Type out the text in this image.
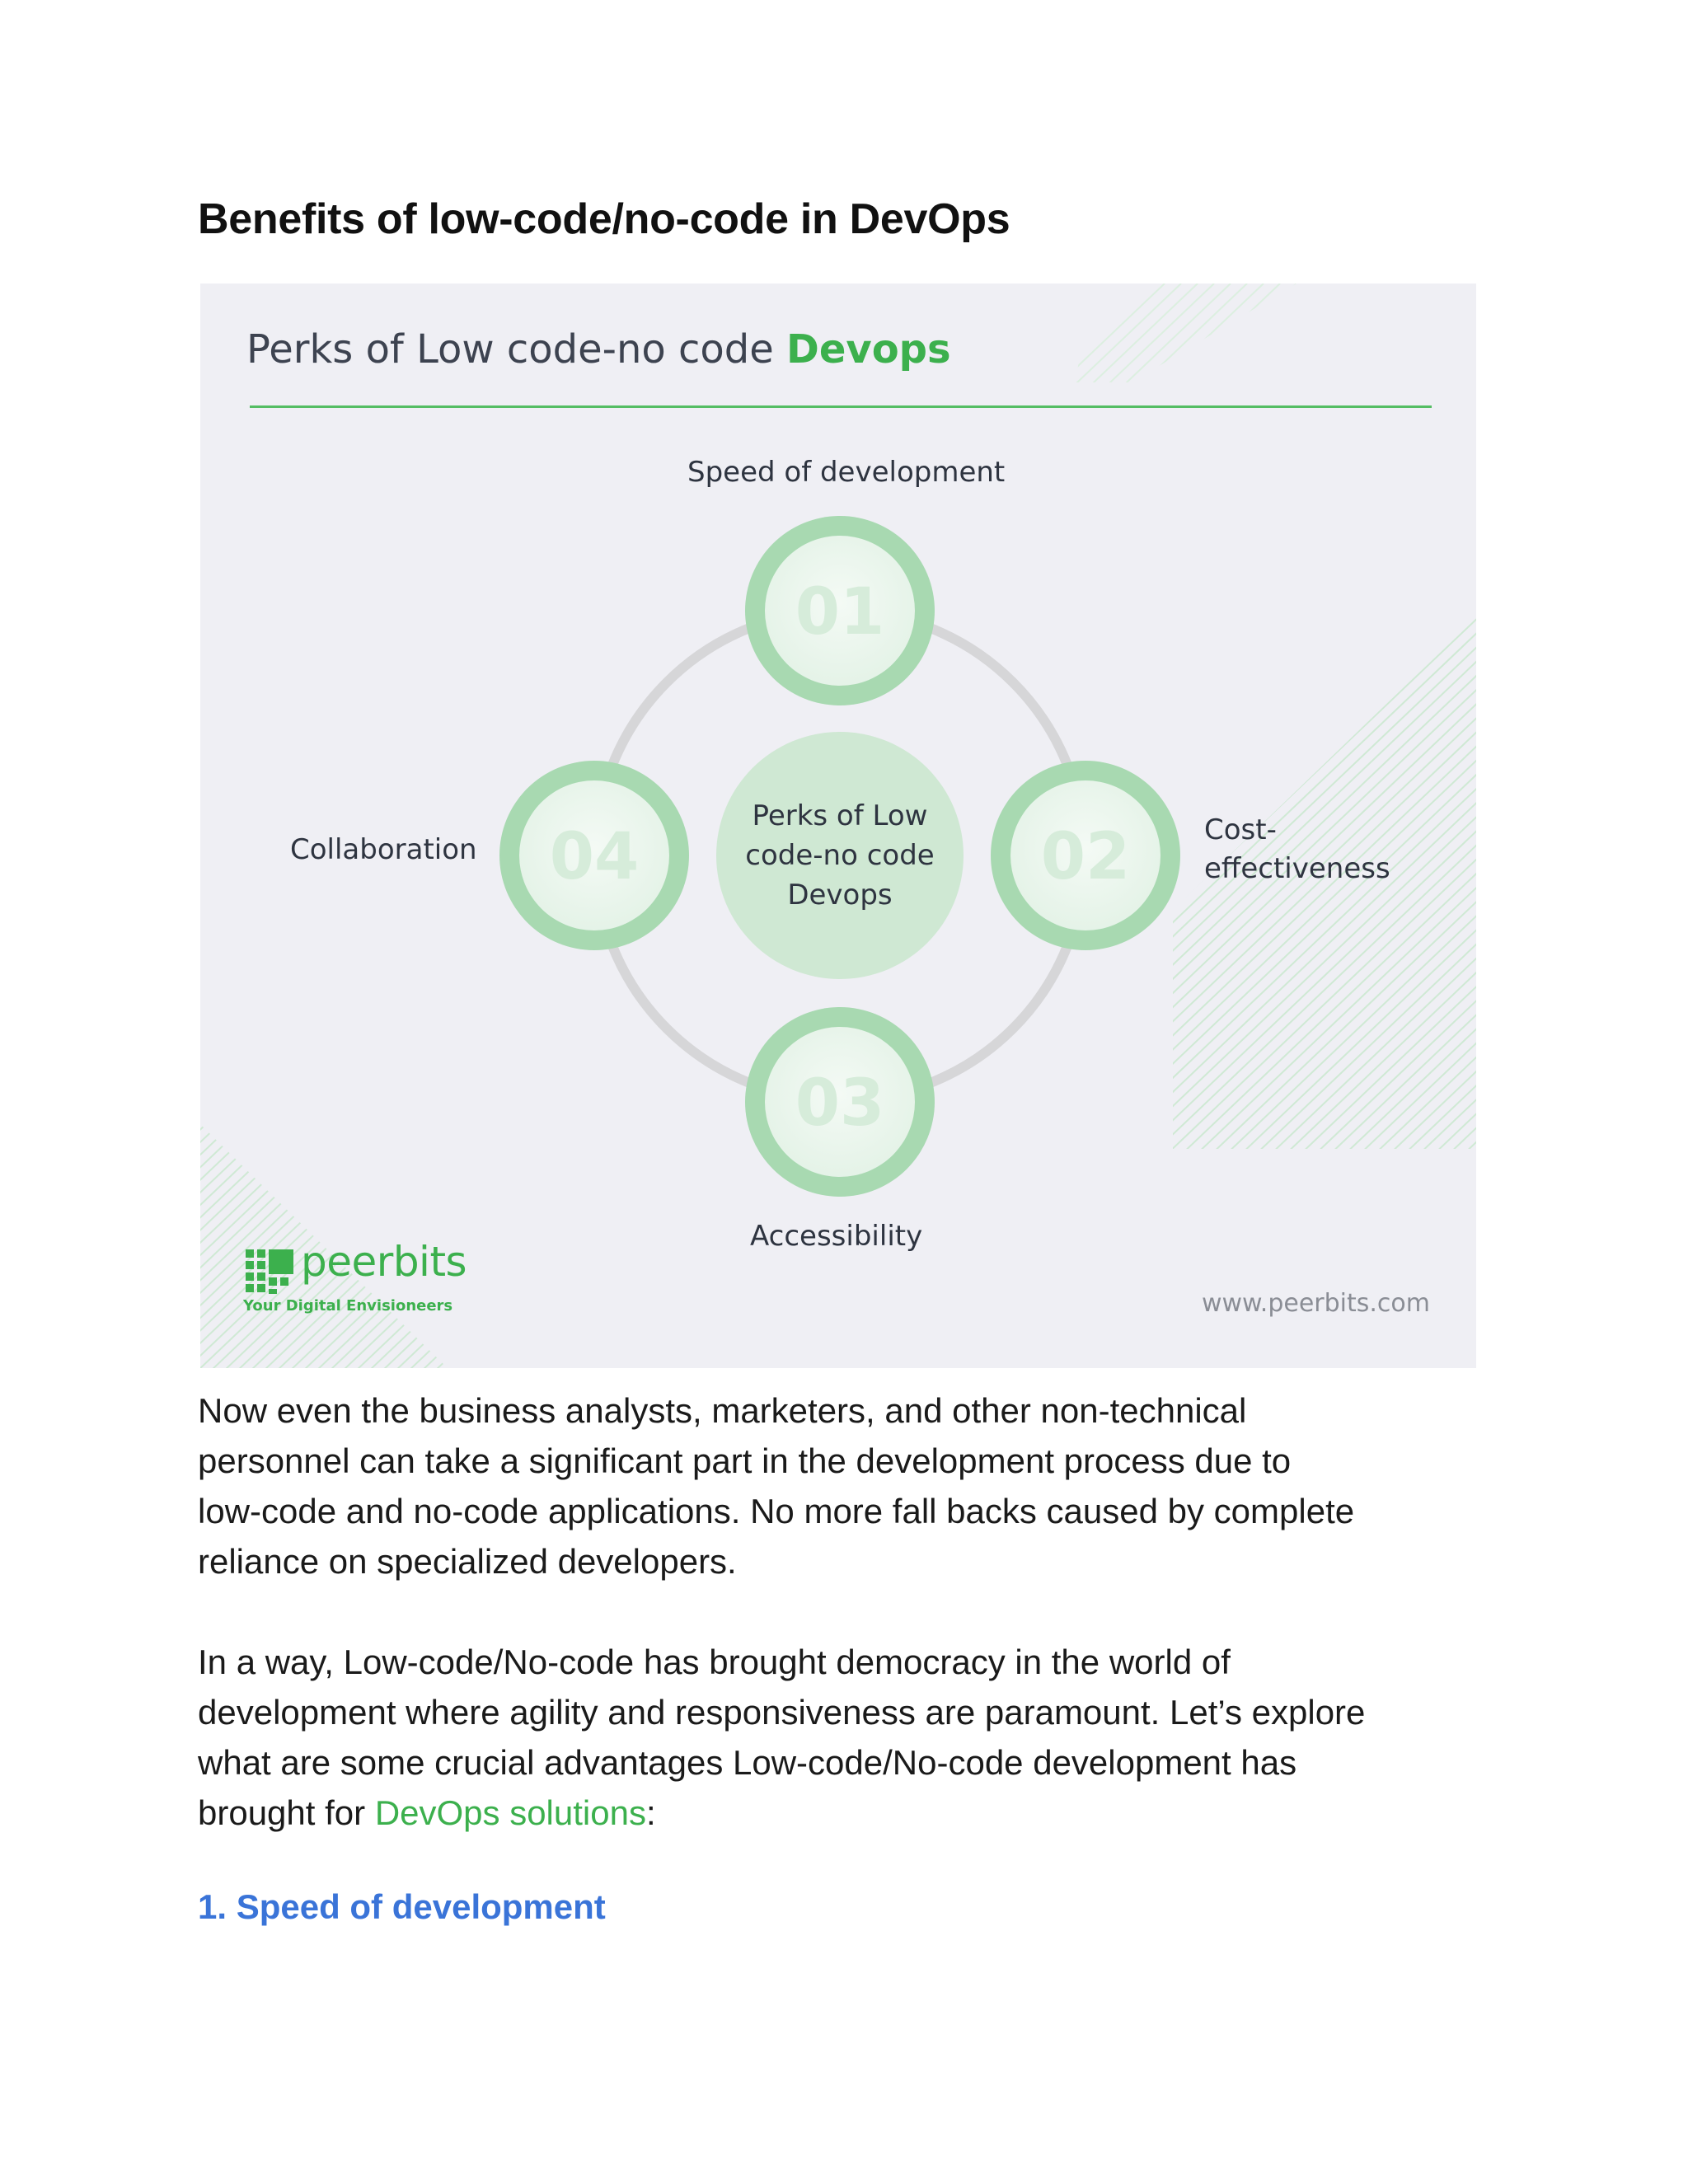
Benefits of low-code/no-code in DevOps
Perks of Low code-no code Devops
01
02
03
04
Perks of Low
code-no code
Devops
Speed of development
Cost-
effectiveness
Accessibility
Collaboration
peerbits
Your Digital Envisioneers	www.peerbits.com

Now even the business analysts, marketers, and other non-technical

personnel can take a significant part in the development process due to

low-code and no-code applications. No more fall backs caused by complete

reliance on specialized developers.

In a way, Low-code/No-code has brought democracy in the world of

development where agility and responsiveness are paramount. Let’s explore

what are some crucial advantages Low-code/No-code development has

brought for DevOps solutions:

1. Speed of development
